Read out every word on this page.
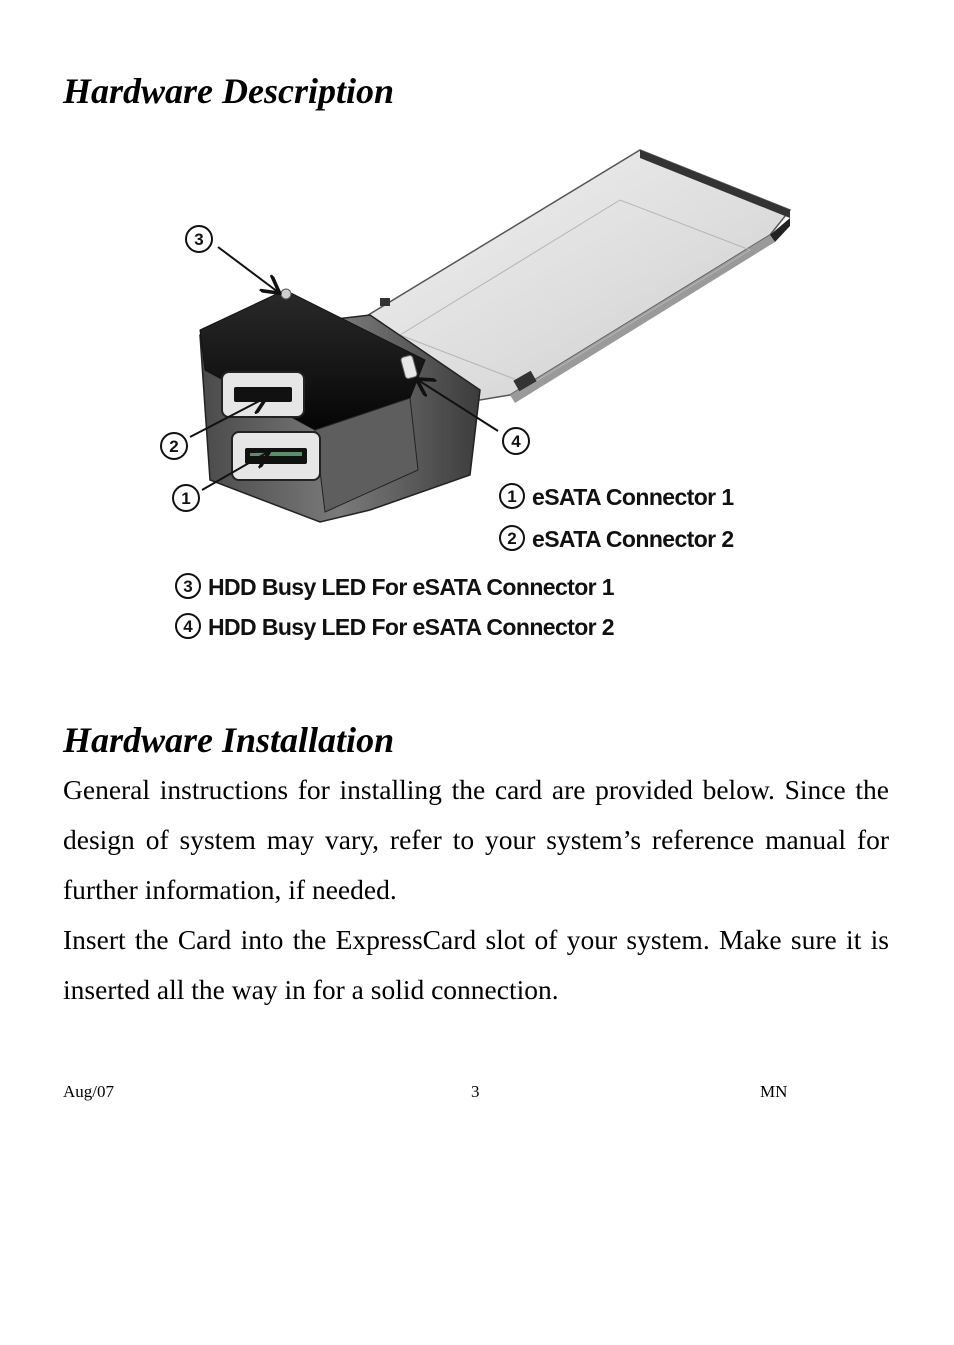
Hardware Description
3
2
1
4
1 eSATA Connector 1
2 eSATA Connector 2
3 HDD Busy LED For eSATA Connector 1
4 HDD Busy LED For eSATA Connector 2
Hardware Installation

General instructions for installing the card are provided below. Since the design of system may vary, refer to your system’s reference manual for further information, if needed.

Insert the Card into the ExpressCard slot of your system. Make sure it is inserted all the way in for a solid connection.

Aug/07	3	MN
